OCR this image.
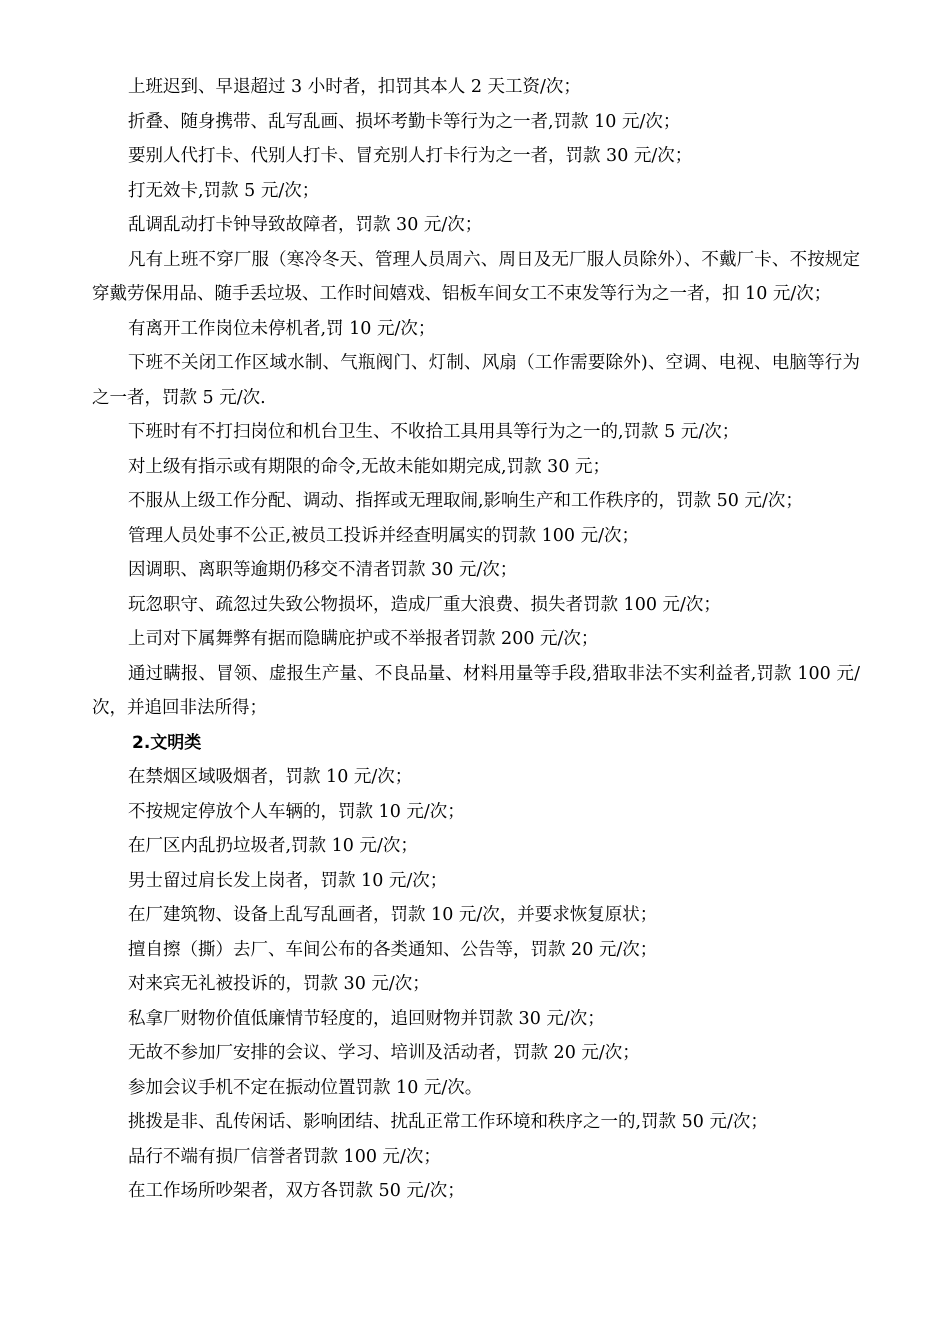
上班迟到、早退超过 3 小时者，扣罚其本人 2 天工资/次；

折叠、随身携带、乱写乱画、损坏考勤卡等行为之一者,罚款 10 元/次；

要别人代打卡、代别人打卡、冒充别人打卡行为之一者，罚款 30 元/次；

打无效卡,罚款 5 元/次；

乱调乱动打卡钟导致故障者，罚款 30 元/次；

凡有上班不穿厂服（寒冷冬天、管理人员周六、周日及无厂服人员除外）、不戴厂卡、不按规定穿戴劳保用品、随手丢垃圾、工作时间嬉戏、铝板车间女工不束发等行为之一者，扣 10 元/次；

有离开工作岗位未停机者,罚 10 元/次；

下班不关闭工作区域水制、气瓶阀门、灯制、风扇（工作需要除外)、空调、电视、电脑等行为之一者，罚款 5 元/次.

下班时有不打扫岗位和机台卫生、不收拾工具用具等行为之一的,罚款 5 元/次；

对上级有指示或有期限的命令,无故未能如期完成,罚款 30 元；

不服从上级工作分配、调动、指挥或无理取闹,影响生产和工作秩序的，罚款 50 元/次；

管理人员处事不公正,被员工投诉并经查明属实的罚款 100 元/次；

因调职、离职等逾期仍移交不清者罚款 30 元/次；

玩忽职守、疏忽过失致公物损坏，造成厂重大浪费、损失者罚款 100 元/次；

上司对下属舞弊有据而隐瞒庇护或不举报者罚款 200 元/次；

通过瞒报、冒领、虚报生产量、不良品量、材料用量等手段,猎取非法不实利益者,罚款 100 元/次，并追回非法所得；

2.文明类

在禁烟区域吸烟者，罚款 10 元/次；

不按规定停放个人车辆的，罚款 10 元/次；

在厂区内乱扔垃圾者,罚款 10 元/次；

男士留过肩长发上岗者，罚款 10 元/次；

在厂建筑物、设备上乱写乱画者，罚款 10 元/次，并要求恢复原状；

擅自擦（撕）去厂、车间公布的各类通知、公告等，罚款 20 元/次；

对来宾无礼被投诉的，罚款 30 元/次；

私拿厂财物价值低廉情节轻度的，追回财物并罚款 30 元/次；

无故不参加厂安排的会议、学习、培训及活动者，罚款 20 元/次；

参加会议手机不定在振动位置罚款 10 元/次。

挑拨是非、乱传闲话、影响团结、扰乱正常工作环境和秩序之一的,罚款 50 元/次；

品行不端有损厂信誉者罚款 100 元/次；

在工作场所吵架者，双方各罚款 50 元/次；
